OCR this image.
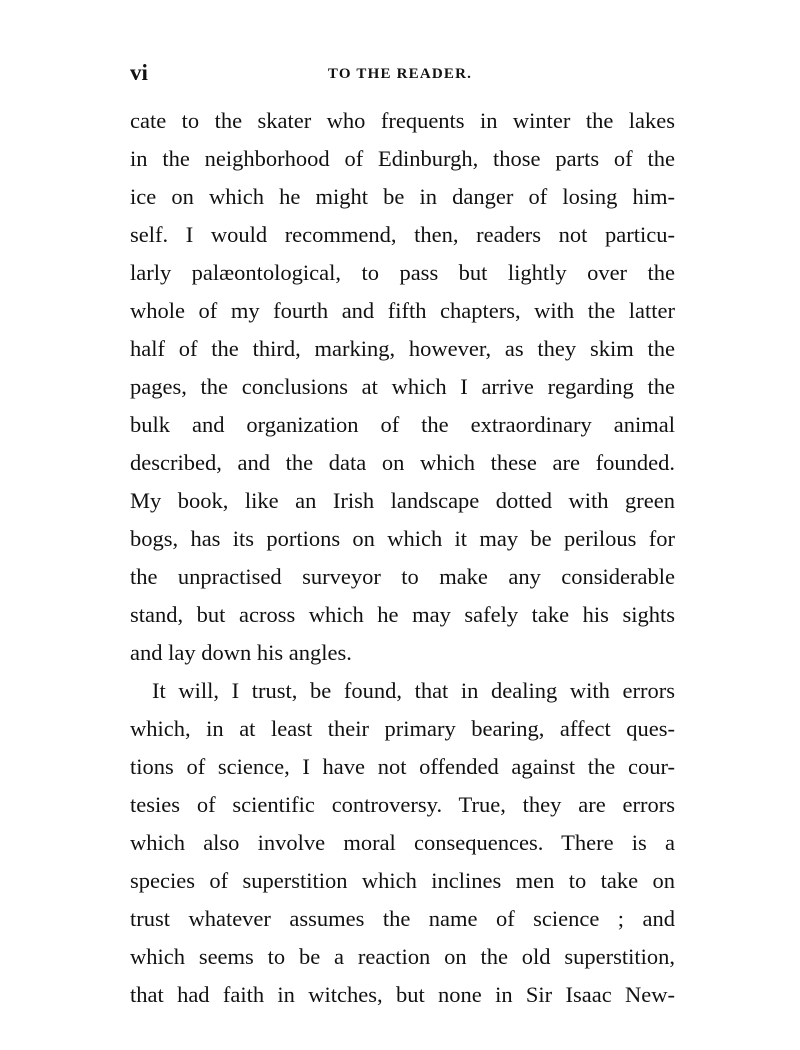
vi	TO THE READER.
cate to the skater who frequents in winter the lakes
in the neighborhood of Edinburgh, those parts of the
ice on which he might be in danger of losing him-
self. I would recommend, then, readers not particu-
larly palæontological, to pass but lightly over the
whole of my fourth and fifth chapters, with the latter
half of the third, marking, however, as they skim the
pages, the conclusions at which I arrive regarding the
bulk and organization of the extraordinary animal
described, and the data on which these are founded.
My book, like an Irish landscape dotted with green
bogs, has its portions on which it may be perilous for
the unpractised surveyor to make any considerable
stand, but across which he may safely take his sights
and lay down his angles.
It will, I trust, be found, that in dealing with errors
which, in at least their primary bearing, affect ques-
tions of science, I have not offended against the cour-
tesies of scientific controversy. True, they are errors
which also involve moral consequences. There is a
species of superstition which inclines men to take on
trust whatever assumes the name of science ; and
which seems to be a reaction on the old superstition,
that had faith in witches, but none in Sir Isaac New-
